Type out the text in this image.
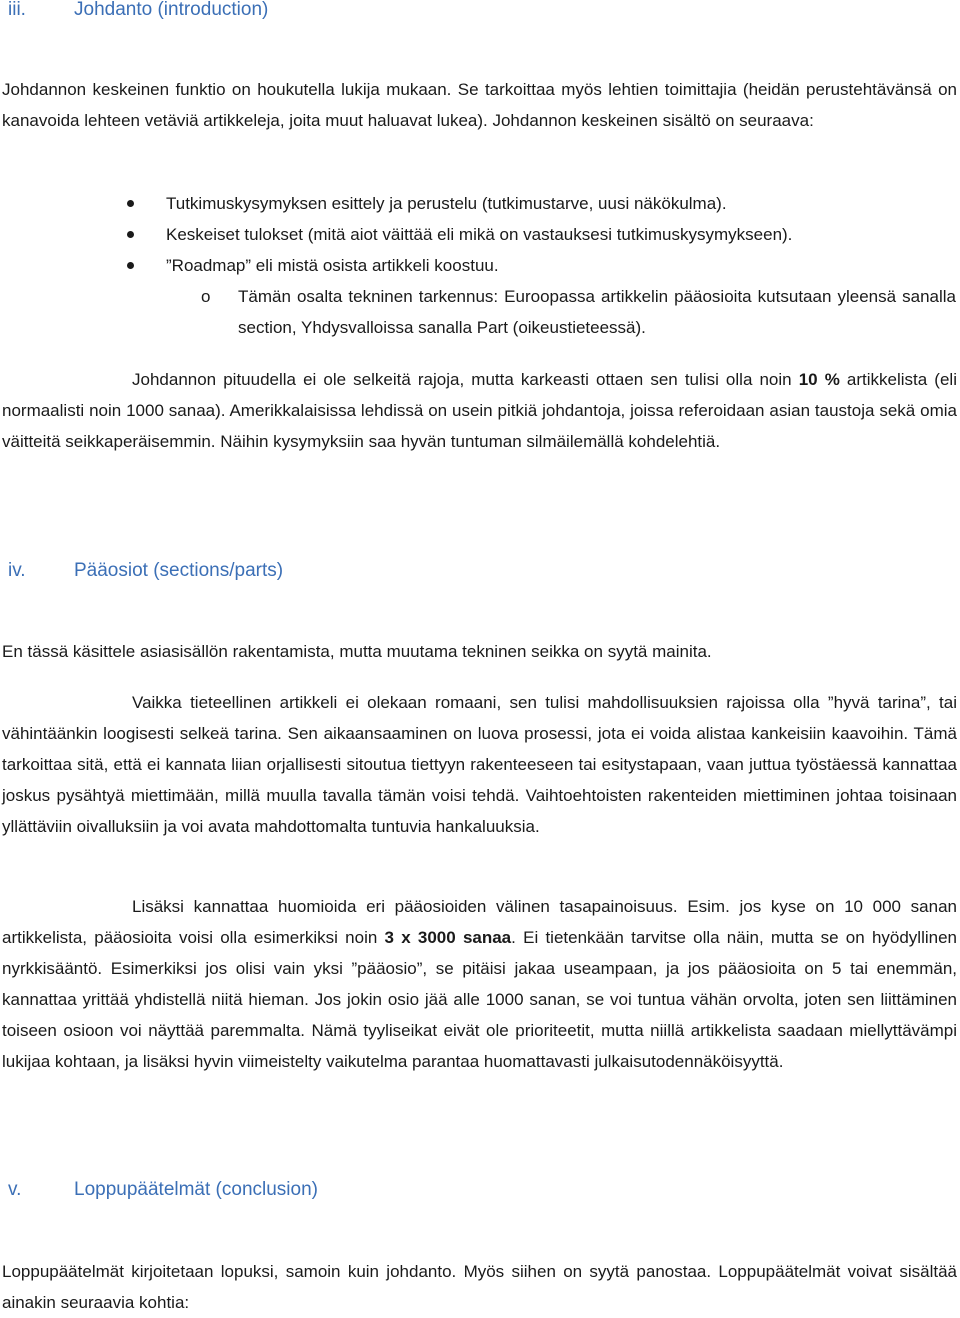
iii.	Johdanto (introduction)

Johdannon keskeinen funktio on houkutella lukija mukaan. Se tarkoittaa myös lehtien toimittajia (heidän perustehtävänsä on kanavoida lehteen vetäviä artikkeleja, joita muut haluavat lukea). Johdannon keskeinen sisältö on seuraava:

Tutkimuskysymyksen esittely ja perustelu (tutkimustarve, uusi näkökulma).
Keskeiset tulokset (mitä aiot väittää eli mikä on vastauksesi tutkimuskysymykseen).
”Roadmap” eli mistä osista artikkeli koostuu.
o Tämän osalta tekninen tarkennus: Euroopassa artikkelin pääosioita kutsutaan yleensä sanalla section, Yhdysvalloissa sanalla Part (oikeustieteessä).

Johdannon pituudella ei ole selkeitä rajoja, mutta karkeasti ottaen sen tulisi olla noin 10 % artikkelista (eli normaalisti noin 1000 sanaa). Amerikkalaisissa lehdissä on usein pitkiä johdantoja, joissa referoidaan asian taustoja sekä omia väitteitä seikkaperäisemmin. Näihin kysymyksiin saa hyvän tuntuman silmäilemällä kohdelehtiä.

iv.	Pääosiot (sections/parts)

En tässä käsittele asiasisällön rakentamista, mutta muutama tekninen seikka on syytä mainita.

Vaikka tieteellinen artikkeli ei olekaan romaani, sen tulisi mahdollisuuksien rajoissa olla ”hyvä tarina”, tai vähintäänkin loogisesti selkeä tarina. Sen aikaansaaminen on luova prosessi, jota ei voida alistaa kankeisiin kaavoihin. Tämä tarkoittaa sitä, että ei kannata liian orjallisesti sitoutua tiettyyn rakenteeseen tai esitystapaan, vaan juttua työstäessä kannattaa joskus pysähtyä miettimään, millä muulla tavalla tämän voisi tehdä. Vaihtoehtoisten rakenteiden miettiminen johtaa toisinaan yllättäviin oivalluksiin ja voi avata mahdottomalta tuntuvia hankaluuksia.

Lisäksi kannattaa huomioida eri pääosioiden välinen tasapainoisuus. Esim. jos kyse on 10 000 sanan artikkelista, pääosioita voisi olla esimerkiksi noin 3 x 3000 sanaa. Ei tietenkään tarvitse olla näin, mutta se on hyödyllinen nyrkkisääntö. Esimerkiksi jos olisi vain yksi ”pääosio”, se pitäisi jakaa useampaan, ja jos pääosioita on 5 tai enemmän, kannattaa yrittää yhdistellä niitä hieman. Jos jokin osio jää alle 1000 sanan, se voi tuntua vähän orvolta, joten sen liittäminen toiseen osioon voi näyttää paremmalta. Nämä tyyliseikat eivät ole prioriteetit, mutta niillä artikkelista saadaan miellyttävämpi lukijaa kohtaan, ja lisäksi hyvin viimeistelty vaikutelma parantaa huomattavasti julkaisutodennäköisyyttä.

v.	Loppupäätelmät (conclusion)

Loppupäätelmät kirjoitetaan lopuksi, samoin kuin johdanto. Myös siihen on syytä panostaa. Loppupäätelmät voivat sisältää ainakin seuraavia kohtia:
